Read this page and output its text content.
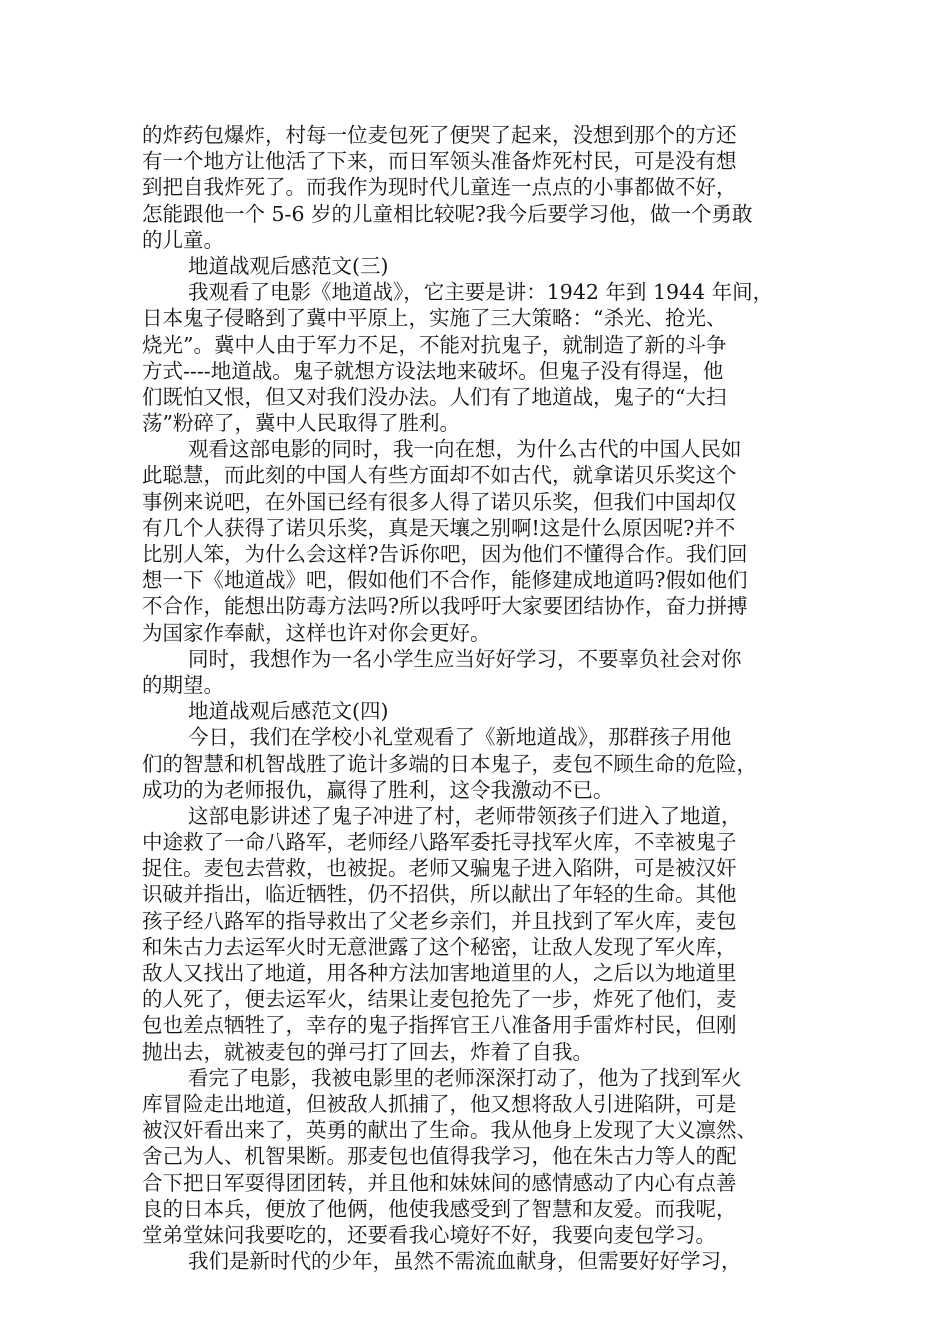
的炸药包爆炸，村每一位麦包死了便哭了起来，没想到那个的方还
有一个地方让他活了下来，而日军领头准备炸死村民，可是没有想
到把自我炸死了。而我作为现时代儿童连一点点的小事都做不好，
怎能跟他一个 5-6 岁的儿童相比较呢?我今后要学习他，做一个勇敢
的儿童。
地道战观后感范文(三)
我观看了电影《地道战》，它主要是讲：1942 年到 1944 年间，
日本鬼子侵略到了冀中平原上，实施了三大策略：“杀光、抢光、
烧光”。冀中人由于军力不足，不能对抗鬼子，就制造了新的斗争
方式----地道战。鬼子就想方设法地来破坏。但鬼子没有得逞，他
们既怕又恨，但又对我们没办法。人们有了地道战，鬼子的“大扫
荡”粉碎了，冀中人民取得了胜利。
观看这部电影的同时，我一向在想，为什么古代的中国人民如
此聪慧，而此刻的中国人有些方面却不如古代，就拿诺贝乐奖这个
事例来说吧，在外国已经有很多人得了诺贝乐奖，但我们中国却仅
有几个人获得了诺贝乐奖，真是天壤之别啊!这是什么原因呢?并不
比别人笨，为什么会这样?告诉你吧，因为他们不懂得合作。我们回
想一下《地道战》吧，假如他们不合作，能修建成地道吗?假如他们
不合作，能想出防毒方法吗?所以我呼吁大家要团结协作，奋力拼搏
为国家作奉献，这样也许对你会更好。
同时，我想作为一名小学生应当好好学习，不要辜负社会对你
的期望。
地道战观后感范文(四)
今日，我们在学校小礼堂观看了《新地道战》，那群孩子用他
们的智慧和机智战胜了诡计多端的日本鬼子，麦包不顾生命的危险，
成功的为老师报仇，赢得了胜利，这令我激动不已。
这部电影讲述了鬼子冲进了村，老师带领孩子们进入了地道，
中途救了一命八路军，老师经八路军委托寻找军火库，不幸被鬼子
捉住。麦包去营救，也被捉。老师又骗鬼子进入陷阱，可是被汉奸
识破并指出，临近牺牲，仍不招供，所以献出了年轻的生命。其他
孩子经八路军的指导救出了父老乡亲们，并且找到了军火库，麦包
和朱古力去运军火时无意泄露了这个秘密，让敌人发现了军火库，
敌人又找出了地道，用各种方法加害地道里的人，之后以为地道里
的人死了，便去运军火，结果让麦包抢先了一步，炸死了他们，麦
包也差点牺牲了，幸存的鬼子指挥官王八准备用手雷炸村民，但刚
抛出去，就被麦包的弹弓打了回去，炸着了自我。
看完了电影，我被电影里的老师深深打动了，他为了找到军火
库冒险走出地道，但被敌人抓捕了，他又想将敌人引进陷阱，可是
被汉奸看出来了，英勇的献出了生命。我从他身上发现了大义凛然、
舍己为人、机智果断。那麦包也值得我学习，他在朱古力等人的配
合下把日军耍得团团转，并且他和妹妹间的感情感动了内心有点善
良的日本兵，便放了他俩，他使我感受到了智慧和友爱。而我呢，
堂弟堂妹问我要吃的，还要看我心境好不好，我要向麦包学习。
我们是新时代的少年，虽然不需流血献身，但需要好好学习，
